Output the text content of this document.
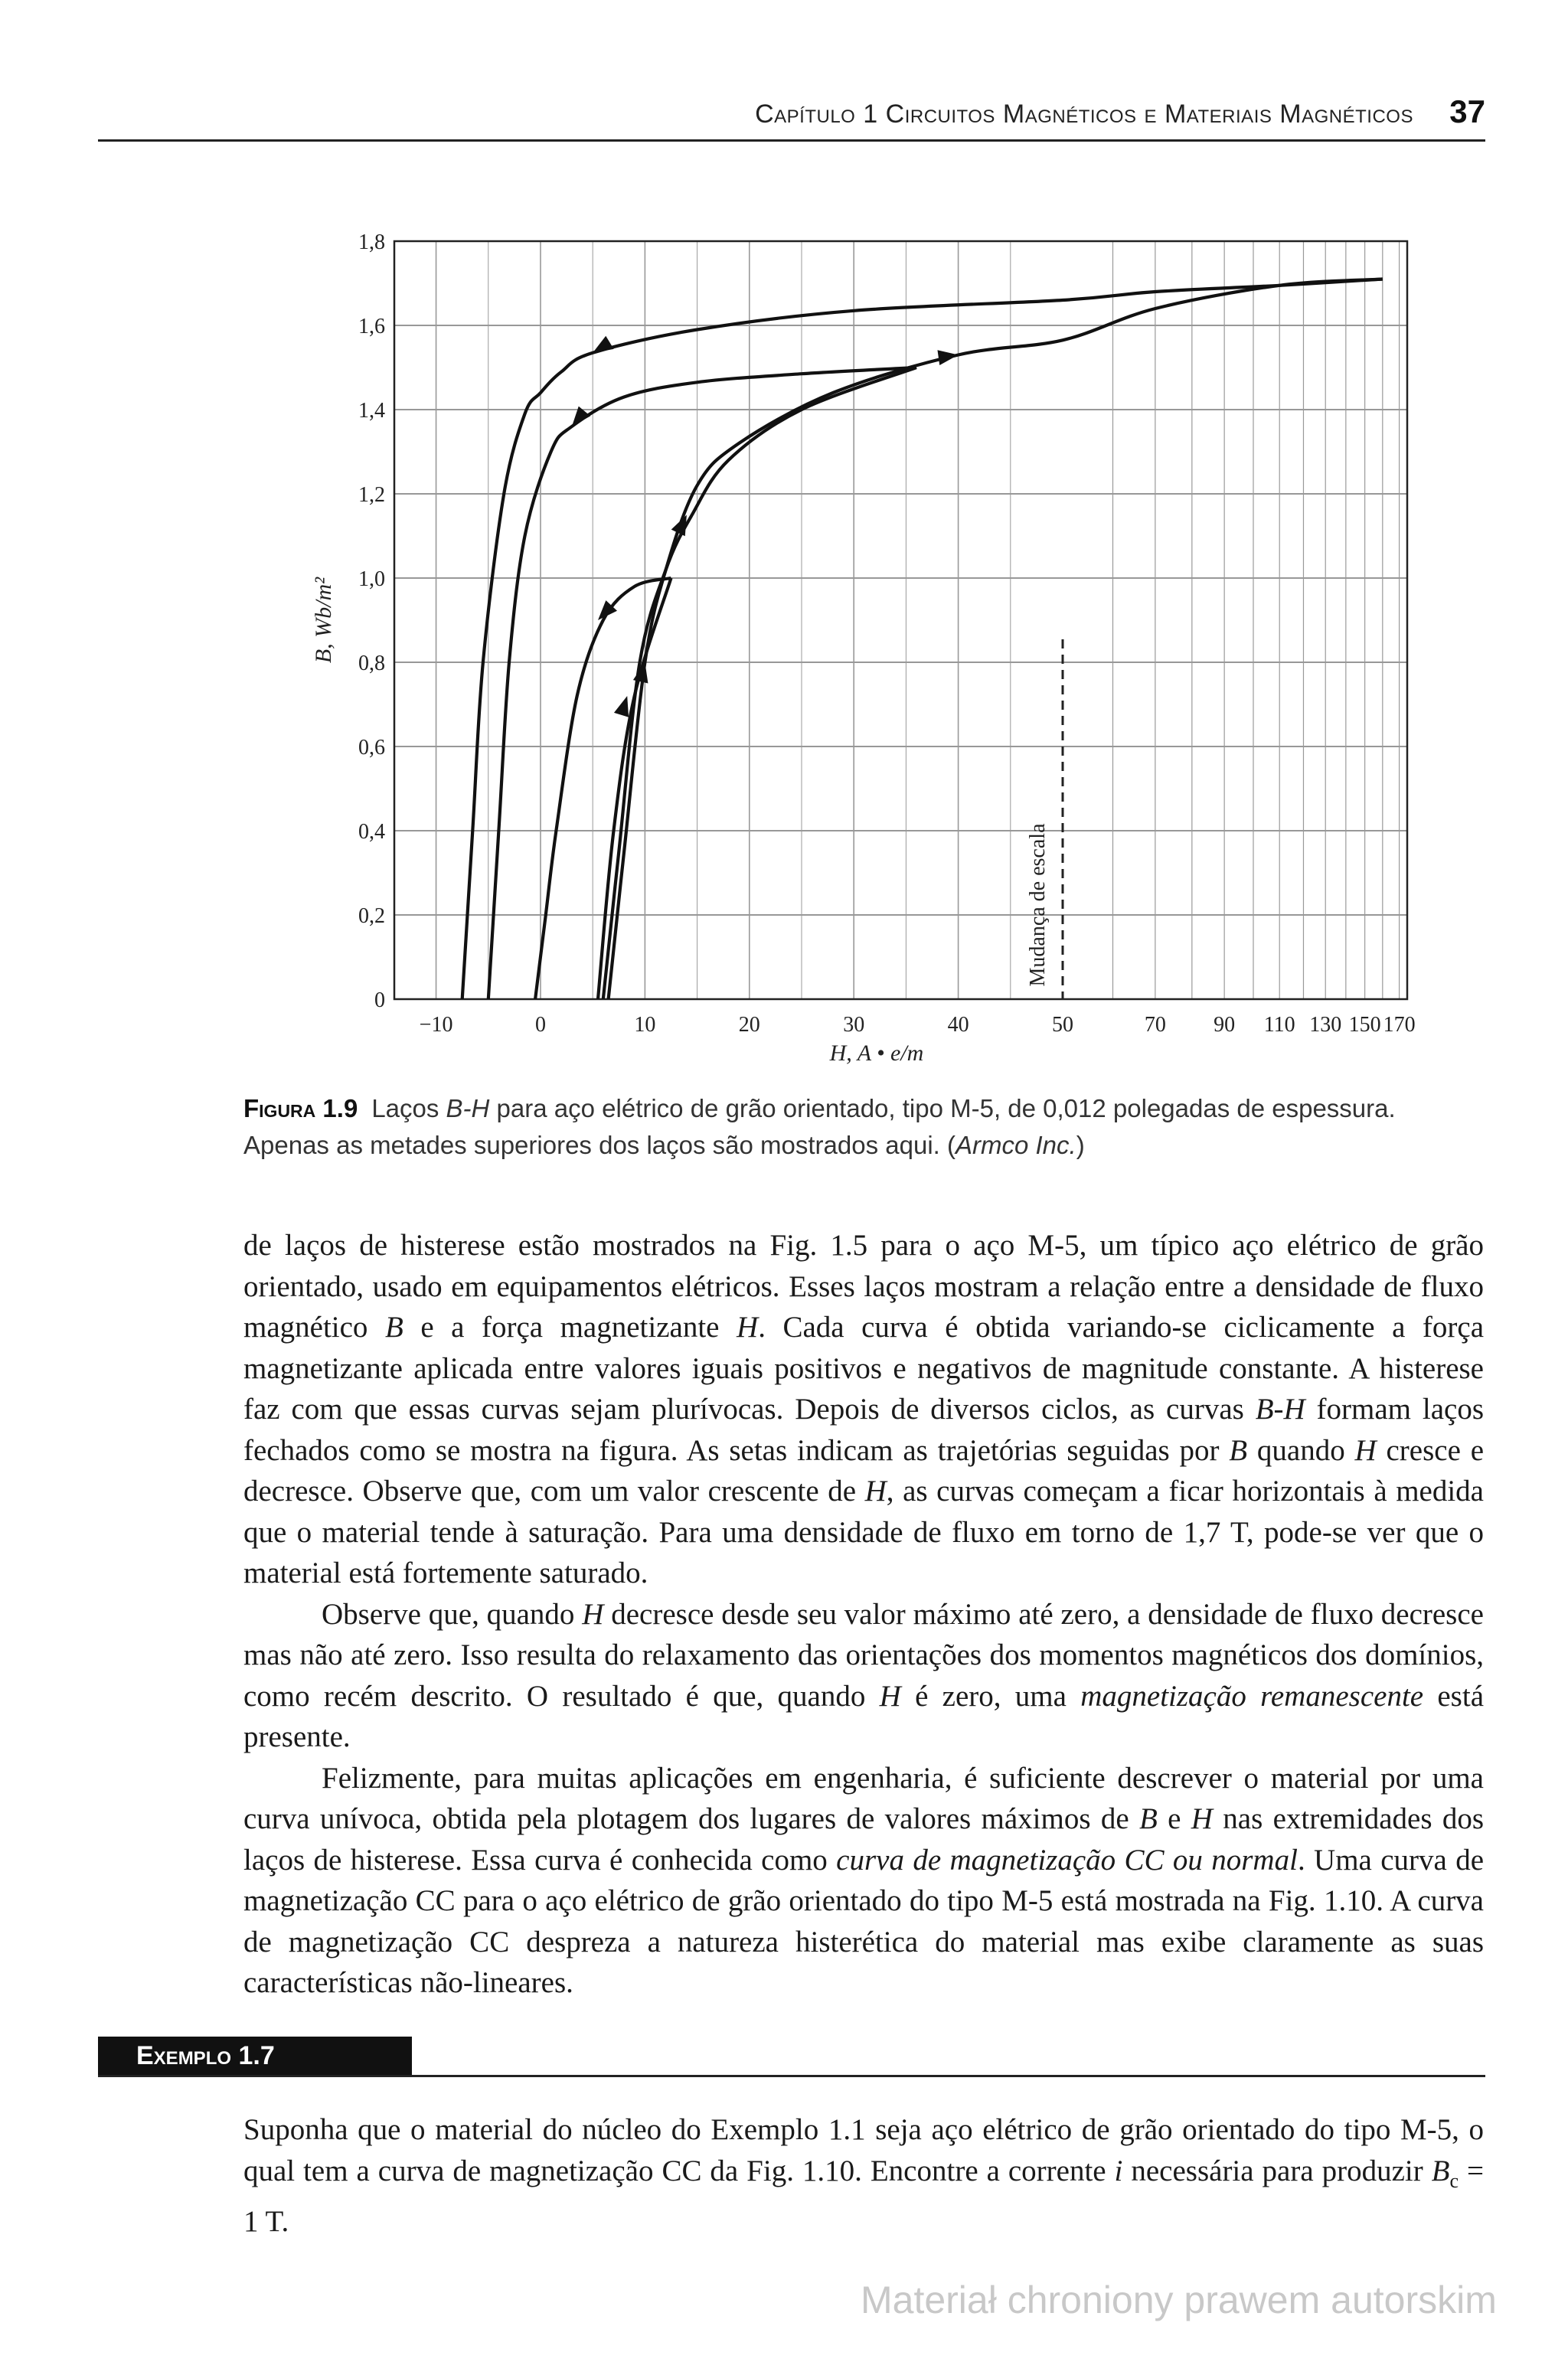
Capítulo 1 Circuitos Magnéticos e Materiais Magnéticos 37
−10	0	10	20	30	40	50	70 90 110 130 150 170
0
0,2
0,4
0,6
0,8
1,0
1,2
1,4
1,6
1,8
H, A • e/m
B, Wb/m²
Mudança de escala
Figura 1.9 Laços B-H para aço elétrico de grão orientado, tipo M-5, de 0,012 polegadas de espessura. Apenas as metades superiores dos laços são mostrados aqui. (Armco Inc.)

de laços de histerese estão mostrados na Fig. 1.5 para o aço M-5, um típico aço elétrico de grão orientado, usado em equipamentos elétricos. Esses laços mostram a relação entre a densidade de fluxo magnético B e a força magnetizante H. Cada curva é obtida variando-se ciclicamente a força magnetizante aplicada entre valores iguais positivos e negativos de magnitude constante. A histerese faz com que essas curvas sejam plurívocas. Depois de diversos ciclos, as curvas B-H formam laços fechados como se mostra na figura. As setas indicam as trajetórias seguidas por B quando H cresce e decresce. Observe que, com um valor crescente de H, as curvas começam a ficar horizontais à medida que o material tende à saturação. Para uma densidade de fluxo em torno de 1,7 T, pode-se ver que o material está fortemente saturado.

Observe que, quando H decresce desde seu valor máximo até zero, a densidade de fluxo decresce mas não até zero. Isso resulta do relaxamento das orientações dos momentos magnéticos dos domínios, como recém descrito. O resultado é que, quando H é zero, uma magnetização remanescente está presente.

Felizmente, para muitas aplicações em engenharia, é suficiente descrever o material por uma curva unívoca, obtida pela plotagem dos lugares de valores máximos de B e H nas extremidades dos laços de histerese. Essa curva é conhecida como curva de magnetização CC ou normal. Uma curva de magnetização CC para o aço elétrico de grão orientado do tipo M-5 está mostrada na Fig. 1.10. A curva de magnetização CC despreza a natureza histerética do material mas exibe claramente as suas características não-lineares.

Exemplo 1.7

Suponha que o material do núcleo do Exemplo 1.1 seja aço elétrico de grão orientado do tipo M-5, o qual tem a curva de magnetização CC da Fig. 1.10. Encontre a corrente i necessária para produzir $B_c = 1$ T.

Materiał chroniony prawem autorskim
